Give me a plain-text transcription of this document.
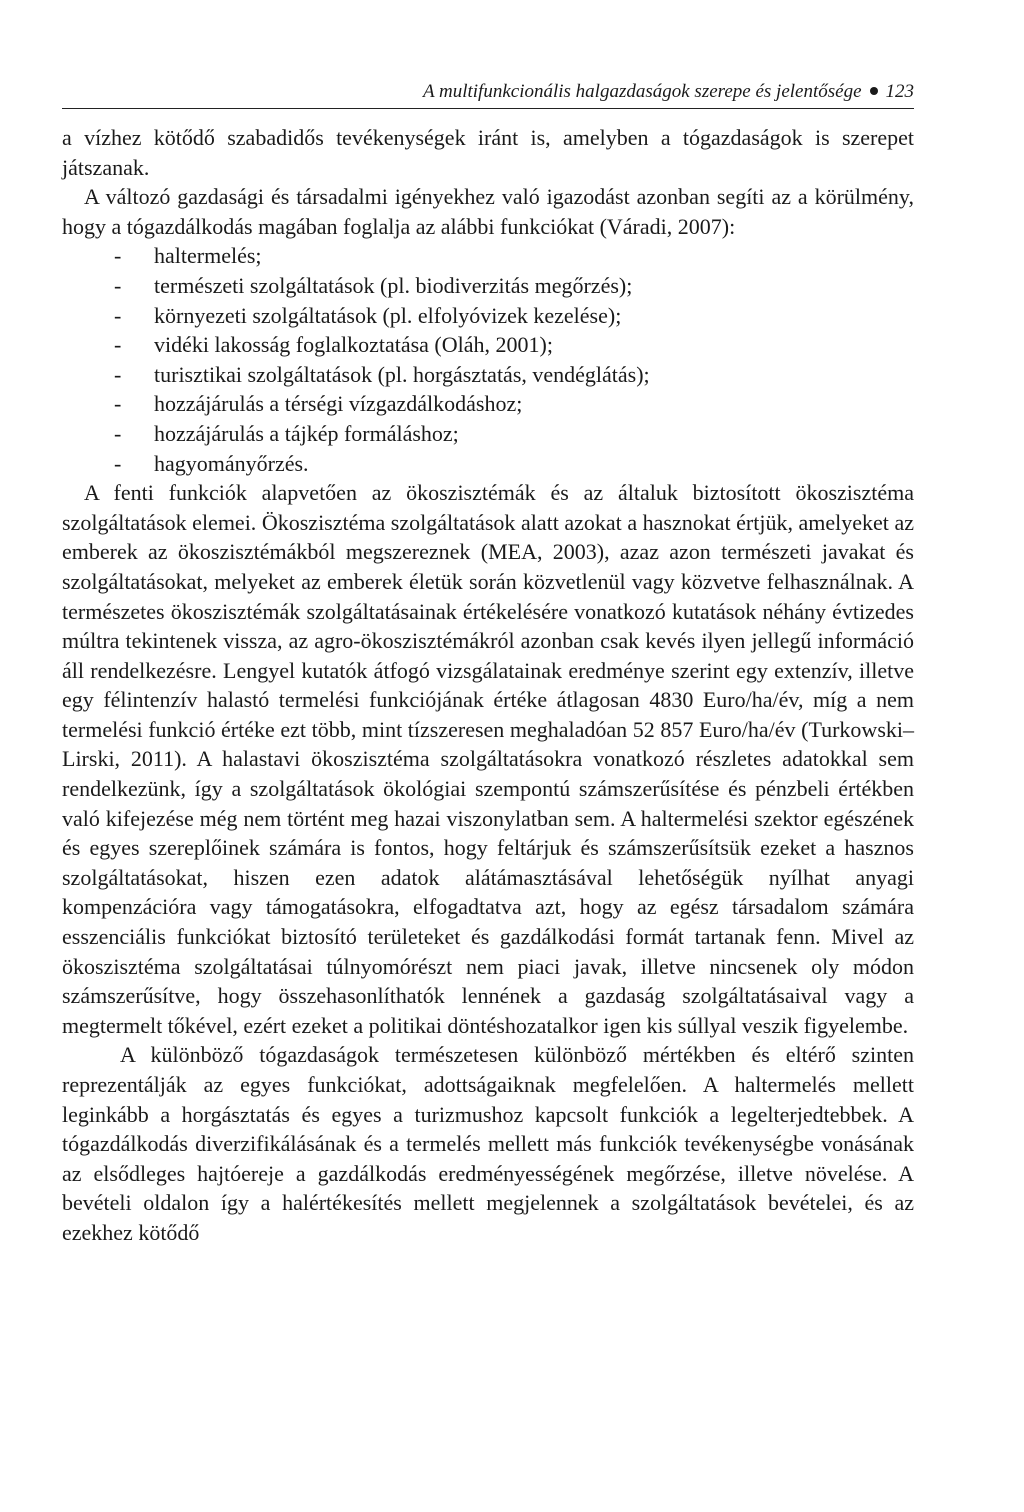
A multifunkcionális halgazdaságok szerepe és jelentősége 123

a vízhez kötődő szabadidős tevékenységek iránt is, amelyben a tógazdaságok is szerepet játszanak.

A változó gazdasági és társadalmi igényekhez való igazodást azonban segíti az a körülmény, hogy a tógazdálkodás magában foglalja az alábbi funkciókat (Váradi, 2007):

- haltermelés;
- természeti szolgáltatások (pl. biodiverzitás megőrzés);
- környezeti szolgáltatások (pl. elfolyóvizek kezelése);
- vidéki lakosság foglalkoztatása (Oláh, 2001);
- turisztikai szolgáltatások (pl. horgásztatás, vendéglátás);
- hozzájárulás a térségi vízgazdálkodáshoz;
- hozzájárulás a tájkép formáláshoz;
- hagyományőrzés.

A fenti funkciók alapvetően az ökoszisztémák és az általuk biztosított ökoszisztéma szolgáltatások elemei. Ökoszisztéma szolgáltatások alatt azokat a hasznokat értjük, amelyeket az emberek az ökoszisztémákból megszereznek (MEA, 2003), azaz azon természeti javakat és szolgáltatásokat, melyeket az emberek életük során közvetlenül vagy közvetve felhasználnak. A természetes ökoszisztémák szolgáltatásainak értékelésére vonatkozó kutatások néhány évtizedes múltra tekintenek vissza, az agro-ökoszisztémákról azonban csak kevés ilyen jellegű információ áll rendelkezésre. Lengyel kutatók átfogó vizsgálatainak eredménye szerint egy extenzív, illetve egy félintenzív halastó termelési funkciójának értéke átlagosan 4830 Euro/ha/év, míg a nem termelési funkció értéke ezt több, mint tízszeresen meghaladóan 52 857 Euro/ha/év (Turkowski–Lirski, 2011). A halastavi ökoszisztéma szolgáltatásokra vonatkozó részletes adatokkal sem rendelkezünk, így a szolgáltatások ökológiai szempontú számszerűsítése és pénzbeli értékben való kifejezése még nem történt meg hazai viszonylatban sem. A haltermelési szektor egészének és egyes szereplőinek számára is fontos, hogy feltárjuk és számszerűsítsük ezeket a hasznos szolgáltatásokat, hiszen ezen adatok alátámasztásával lehetőségük nyílhat anyagi kompenzációra vagy támogatásokra, elfogadtatva azt, hogy az egész társadalom számára esszenciális funkciókat biztosító területeket és gazdálkodási formát tartanak fenn. Mivel az ökoszisztéma szolgáltatásai túlnyomórészt nem piaci javak, illetve nincsenek oly módon számszerűsítve, hogy összehasonlíthatók lennének a gazdaság szolgáltatásaival vagy a megtermelt tőkével, ezért ezeket a politikai döntéshozatalkor igen kis súllyal veszik figyelembe.

A különböző tógazdaságok természetesen különböző mértékben és eltérő szinten reprezentálják az egyes funkciókat, adottságaiknak megfelelően. A haltermelés mellett leginkább a horgásztatás és egyes a turizmushoz kapcsolt funkciók a legelterjedtebbek. A tógazdálkodás diverzifikálásának és a termelés mellett más funkciók tevékenységbe vonásának az elsődleges hajtóereje a gazdálkodás eredményességének megőrzése, illetve növelése. A bevételi oldalon így a halértékesítés mellett megjelennek a szolgáltatások bevételei, és az ezekhez kötődő
